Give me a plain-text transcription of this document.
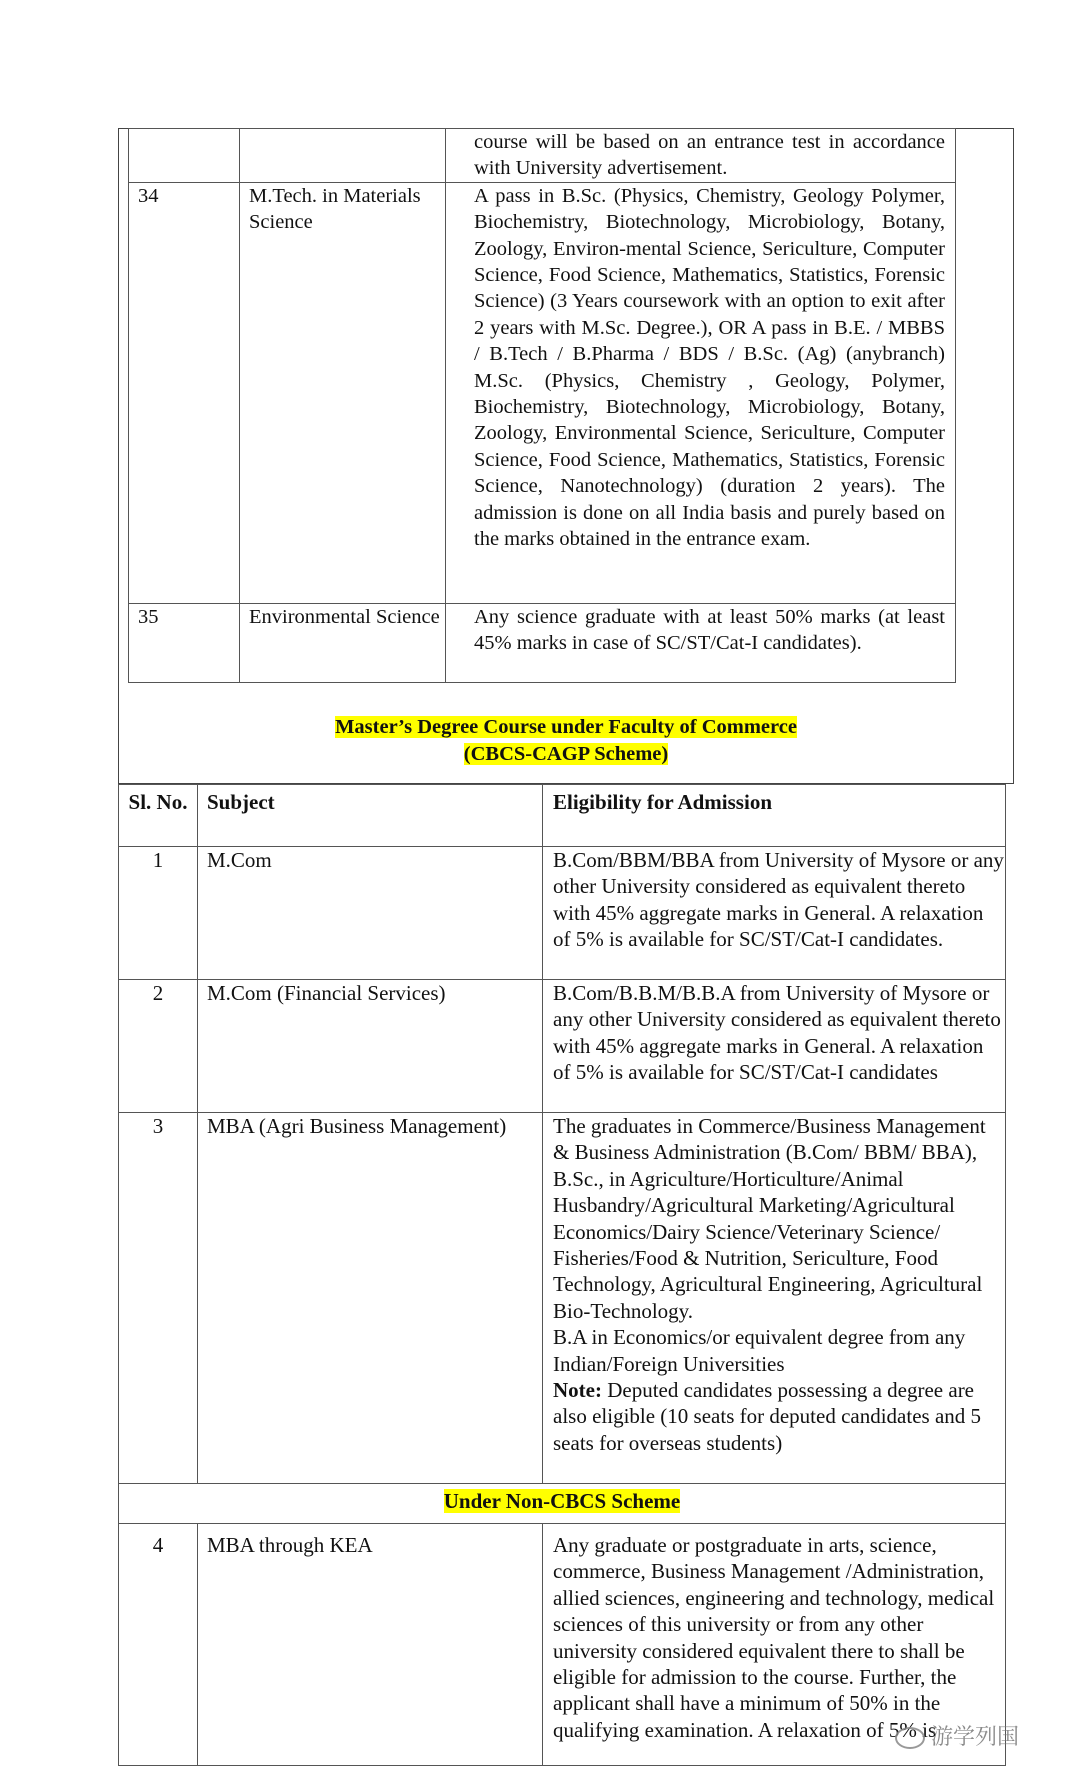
		course will be based on an entrance test in accordance with University advertisement.
34	M.Tech. in Materials Science	A pass in B.Sc. (Physics, Chemistry, Geology Polymer, Biochemistry, Biotechnology, Microbiology, Botany, Zoology, Environ-mental Science, Sericulture, Computer Science, Food Science, Mathematics, Statistics, Forensic Science) (3 Years coursework with an option to exit after 2 years with M.Sc. Degree.), OR A pass in B.E. / MBBS / B.Tech / B.Pharma / BDS / B.Sc. (Ag) (anybranch) M.Sc. (Physics, Chemistry , Geology, Polymer, Biochemistry, Biotechnology, Microbiology, Botany, Zoology, Environmental Science, Sericulture, Computer Science, Food Science, Mathematics, Statistics, Forensic Science, Nanotechnology) (duration 2 years). The admission is done on all India basis and purely based on the marks obtained in the entrance exam.
35	Environmental Science	Any science graduate with at least 50% marks (at least 45% marks in case of SC/ST/Cat-I candidates).
Master’s Degree Course under Faculty of Commerce
(CBCS-CAGP Scheme)
Sl. No.	Subject	Eligibility for Admission
1	M.Com	B.Com/BBM/BBA from University of Mysore or any other University considered as equivalent thereto with 45% aggregate marks in General. A relaxation of 5% is available for SC/ST/Cat-I candidates.
2	M.Com (Financial Services)	B.Com/B.B.M/B.B.A from University of Mysore or any other University considered as equivalent thereto with 45% aggregate marks in General. A relaxation of 5% is available for SC/ST/Cat-I candidates
3	MBA (Agri Business Management)	The graduates in Commerce/Business Management & Business Administration (B.Com/ BBM/ BBA),
B.Sc., in Agriculture/Horticulture/Animal Husbandry/Agricultural Marketing/Agricultural Economics/Dairy Science/Veterinary Science/ Fisheries/Food & Nutrition, Sericulture, Food Technology, Agricultural Engineering, Agricultural Bio-Technology.
B.A in Economics/or equivalent degree from any Indian/Foreign Universities
Note: Deputed candidates possessing a degree are also eligible (10 seats for deputed candidates and 5 seats for overseas students)

Under Non-CBCS Scheme		
4	MBA through KEA	Any graduate or postgraduate in arts, science, commerce, Business Management /Administration, allied sciences, engineering and technology, medical sciences of this university or from any other university considered equivalent there to shall be eligible for admission to the course. Further, the applicant shall have a minimum of 50% in the qualifying examination. A relaxation of 5% is
游学列国
